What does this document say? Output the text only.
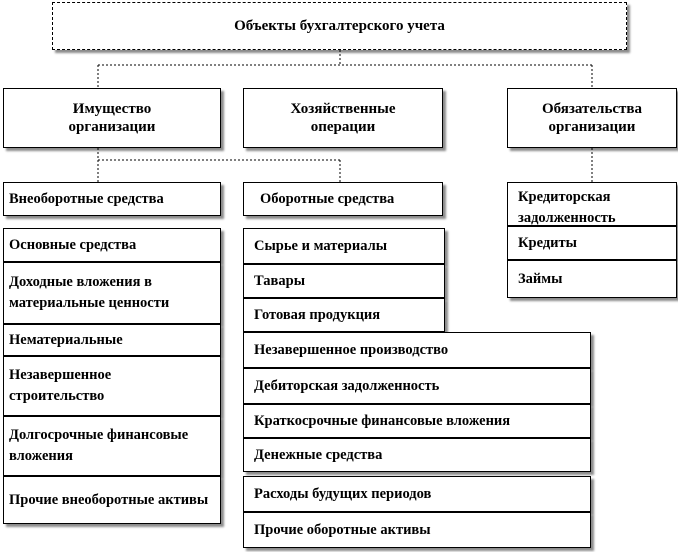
Объекты бухгалтерского учета
Имущество организации
Хозяйственные операции
Обязательства организации
Внеоборотные средства
Основные средства
Доходные вложения в материальные ценности
Нематериальные
Незавершенное строительство
Долгосрочные финансовые вложения
Прочие внеоборотные активы
Оборотные средства
Сырье и материалы
Тавары
Готовая продукция
Незавершенное производство
Дебиторская задолженность
Краткосрочные финансовые вложения
Денежные средства
Расходы будущих периодов
Прочие оборотные активы
Кредиторская задолженность
Кредиты
Займы
